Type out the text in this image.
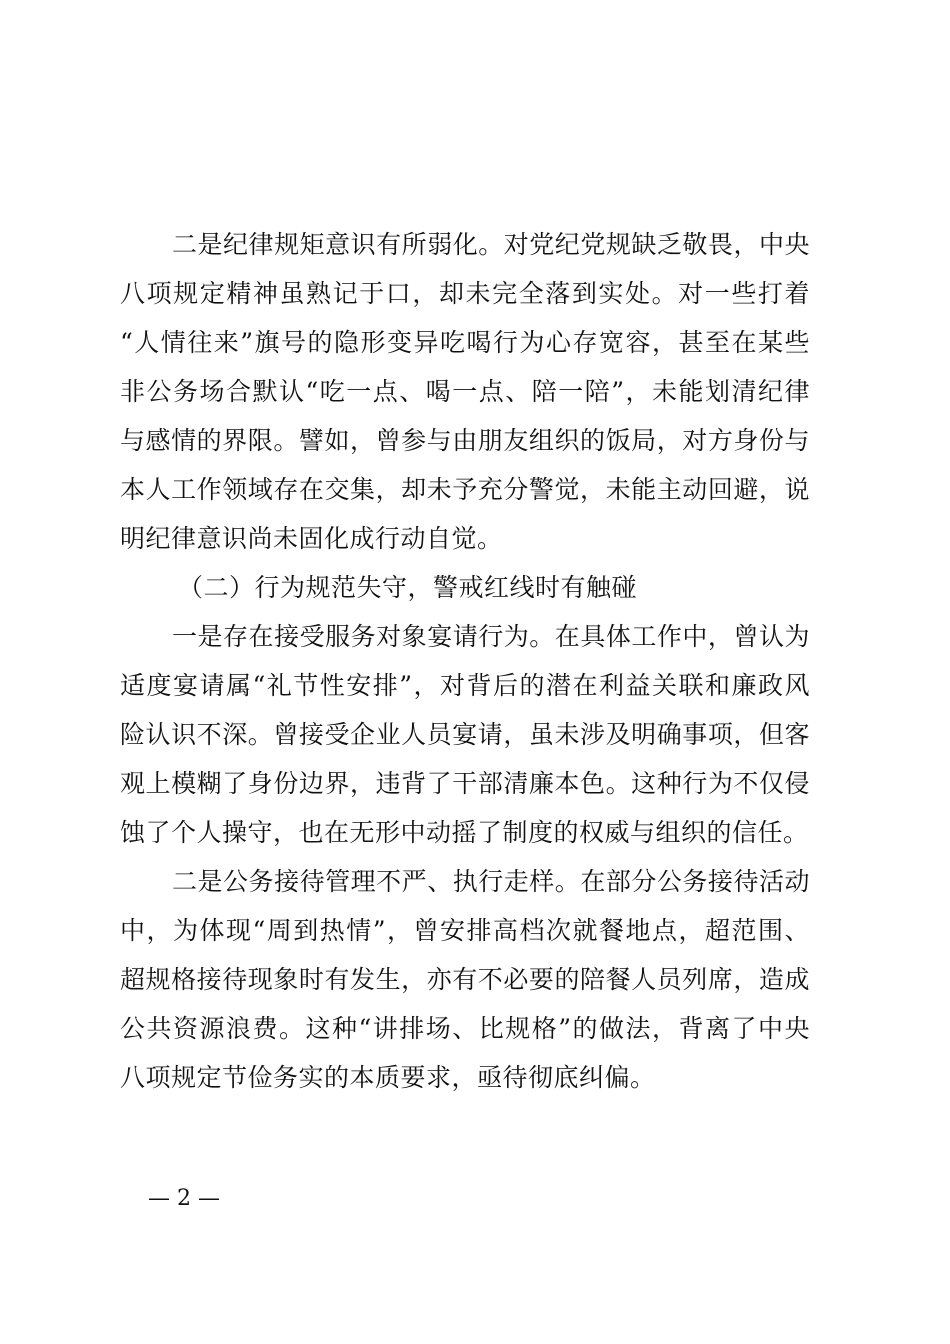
二是纪律规矩意识有所弱化。对党纪党规缺乏敬畏，中央
八项规定精神虽熟记于口，却未完全落到实处。对一些打着
“人情往来”旗号的隐形变异吃喝行为心存宽容，甚至在某些
非公务场合默认“吃一点、喝一点、陪一陪”，未能划清纪律
与感情的界限。譬如，曾参与由朋友组织的饭局，对方身份与
本人工作领域存在交集，却未予充分警觉，未能主动回避，说
明纪律意识尚未固化成行动自觉。
（二）行为规范失守，警戒红线时有触碰
一是存在接受服务对象宴请行为。在具体工作中，曾认为
适度宴请属“礼节性安排”，对背后的潜在利益关联和廉政风
险认识不深。曾接受企业人员宴请，虽未涉及明确事项，但客
观上模糊了身份边界，违背了干部清廉本色。这种行为不仅侵
蚀了个人操守，也在无形中动摇了制度的权威与组织的信任。
二是公务接待管理不严、执行走样。在部分公务接待活动
中，为体现“周到热情”，曾安排高档次就餐地点，超范围、
超规格接待现象时有发生，亦有不必要的陪餐人员列席，造成
公共资源浪费。这种“讲排场、比规格”的做法，背离了中央
八项规定节俭务实的本质要求，亟待彻底纠偏。
— 2 —
